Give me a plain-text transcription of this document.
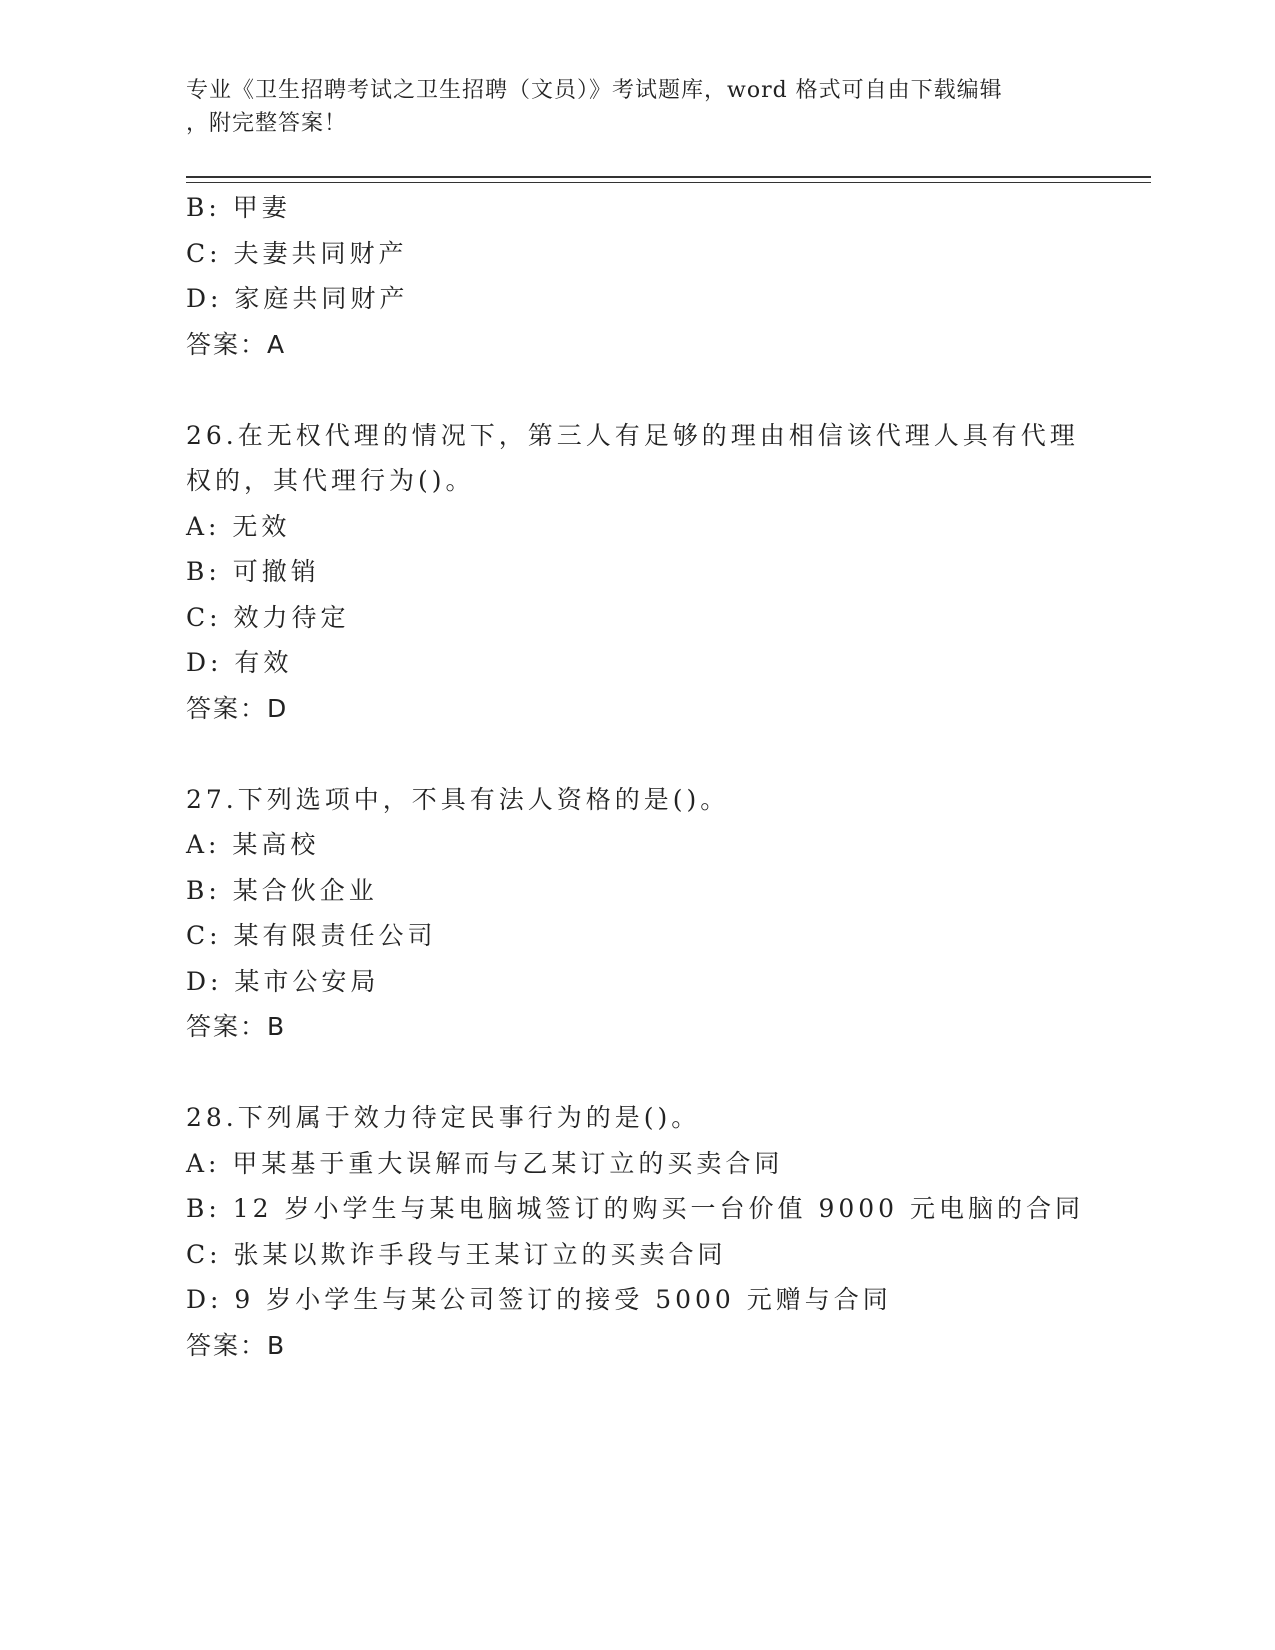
专业《卫生招聘考试之卫生招聘（文员）》考试题库，word 格式可自由下载编辑
，附完整答案！
B: 甲妻
C: 夫妻共同财产
D: 家庭共同财产
答案：A
26.在无权代理的情况下，第三人有足够的理由相信该代理人具有代理
权的，其代理行为()。
A: 无效
B: 可撤销
C: 效力待定
D: 有效
答案：D
27.下列选项中，不具有法人资格的是()。
A: 某高校
B: 某合伙企业
C: 某有限责任公司
D: 某市公安局
答案：B
28.下列属于效力待定民事行为的是()。
A: 甲某基于重大误解而与乙某订立的买卖合同
B: 12 岁小学生与某电脑城签订的购买一台价值 9000 元电脑的合同
C: 张某以欺诈手段与王某订立的买卖合同
D: 9 岁小学生与某公司签订的接受 5000 元赠与合同
答案：B
